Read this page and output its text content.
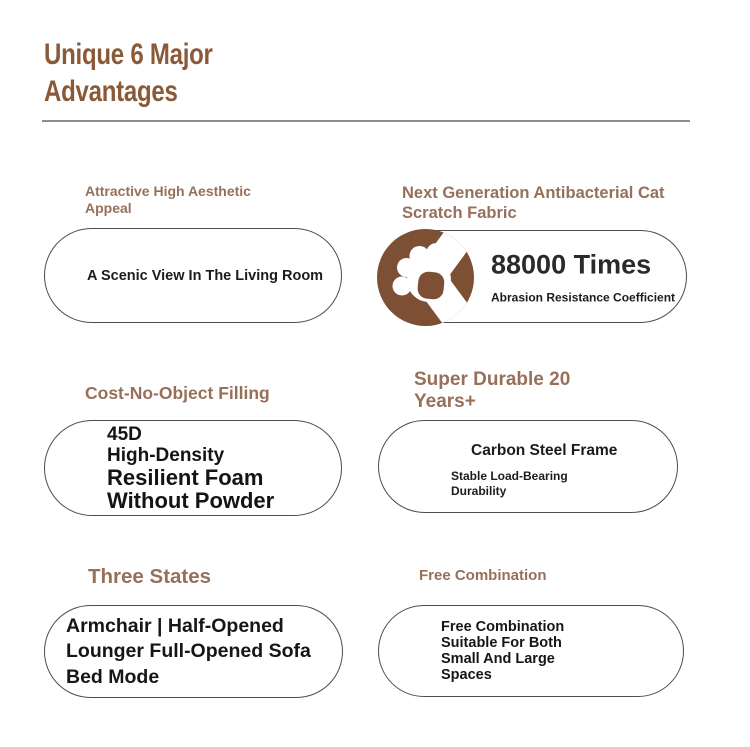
Unique 6 Major Advantages
Attractive High Aesthetic Appeal
A Scenic View In The Living Room
Next Generation Antibacterial Cat Scratch Fabric
88000 Times
Abrasion Resistance Coefficient
Cost-No-Object Filling
45D
High-Density
Resilient Foam
Without Powder
Super Durable 20 Years+
Carbon Steel Frame
Stable Load-Bearing Durability
Three States
Armchair | Half-Opened Lounger Full-Opened Sofa Bed Mode
Free Combination
Free Combination Suitable For Both Small And Large Spaces
